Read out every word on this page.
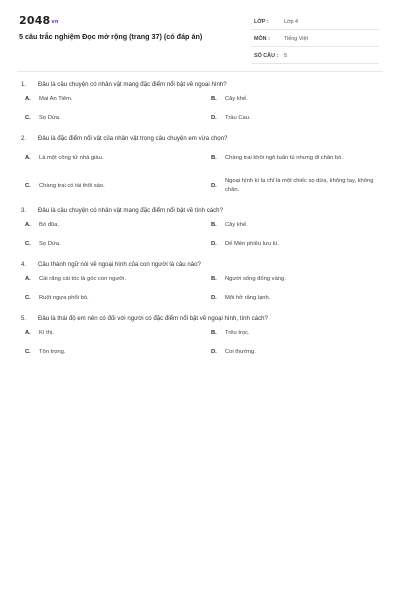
2048vn
5 câu trắc nghiệm Đọc mở rộng (trang 37) (có đáp án)
LỚP :	Lớp 4
MÔN :	Tiếng Việt
SỐ CÂU : 5
1. Đâu là câu chuyện có nhân vật mang đặc điểm nổi bật về ngoại hình?
A. Mai An Tiêm.	B. Cây khế.
C. Sọ Dừa.	D. Trầu Cau.
2. Đâu là đặc điểm nổi vật của nhân vật trong câu chuyện em vừa chọn?
A. Là một công tử nhà giàu.	B. Chàng trai khôi ngô tuấn tú nhưng đi chăn bò.
C. Chàng trai có tài thổi sáo.	D.
Ngoại hình kì lạ chỉ là một chiếc sọ dừa, không tay, không chân.
3. Đâu là câu chuyện có nhân vật mang đặc điểm nổi bật về tính cách?
A. Bó đũa.	B. Cây khế.
C. Sọ Dừa.	D. Dế Mèn phiêu lưu kí.
4. Câu thành ngữ nói về ngoại hình của con người là câu nào?
A. Cái răng cái tóc là góc con người.	B. Người sống đống vàng.
C. Ruột ngựa phổi bò.	D. Môi hở răng lạnh.
5. Đâu là thái độ em nên có đối với người có đặc điểm nổi bật về ngoại hình, tính cách?
A. Kì thị.	B. Trêu trọc.
C. Tôn trọng.	D. Coi thường.
